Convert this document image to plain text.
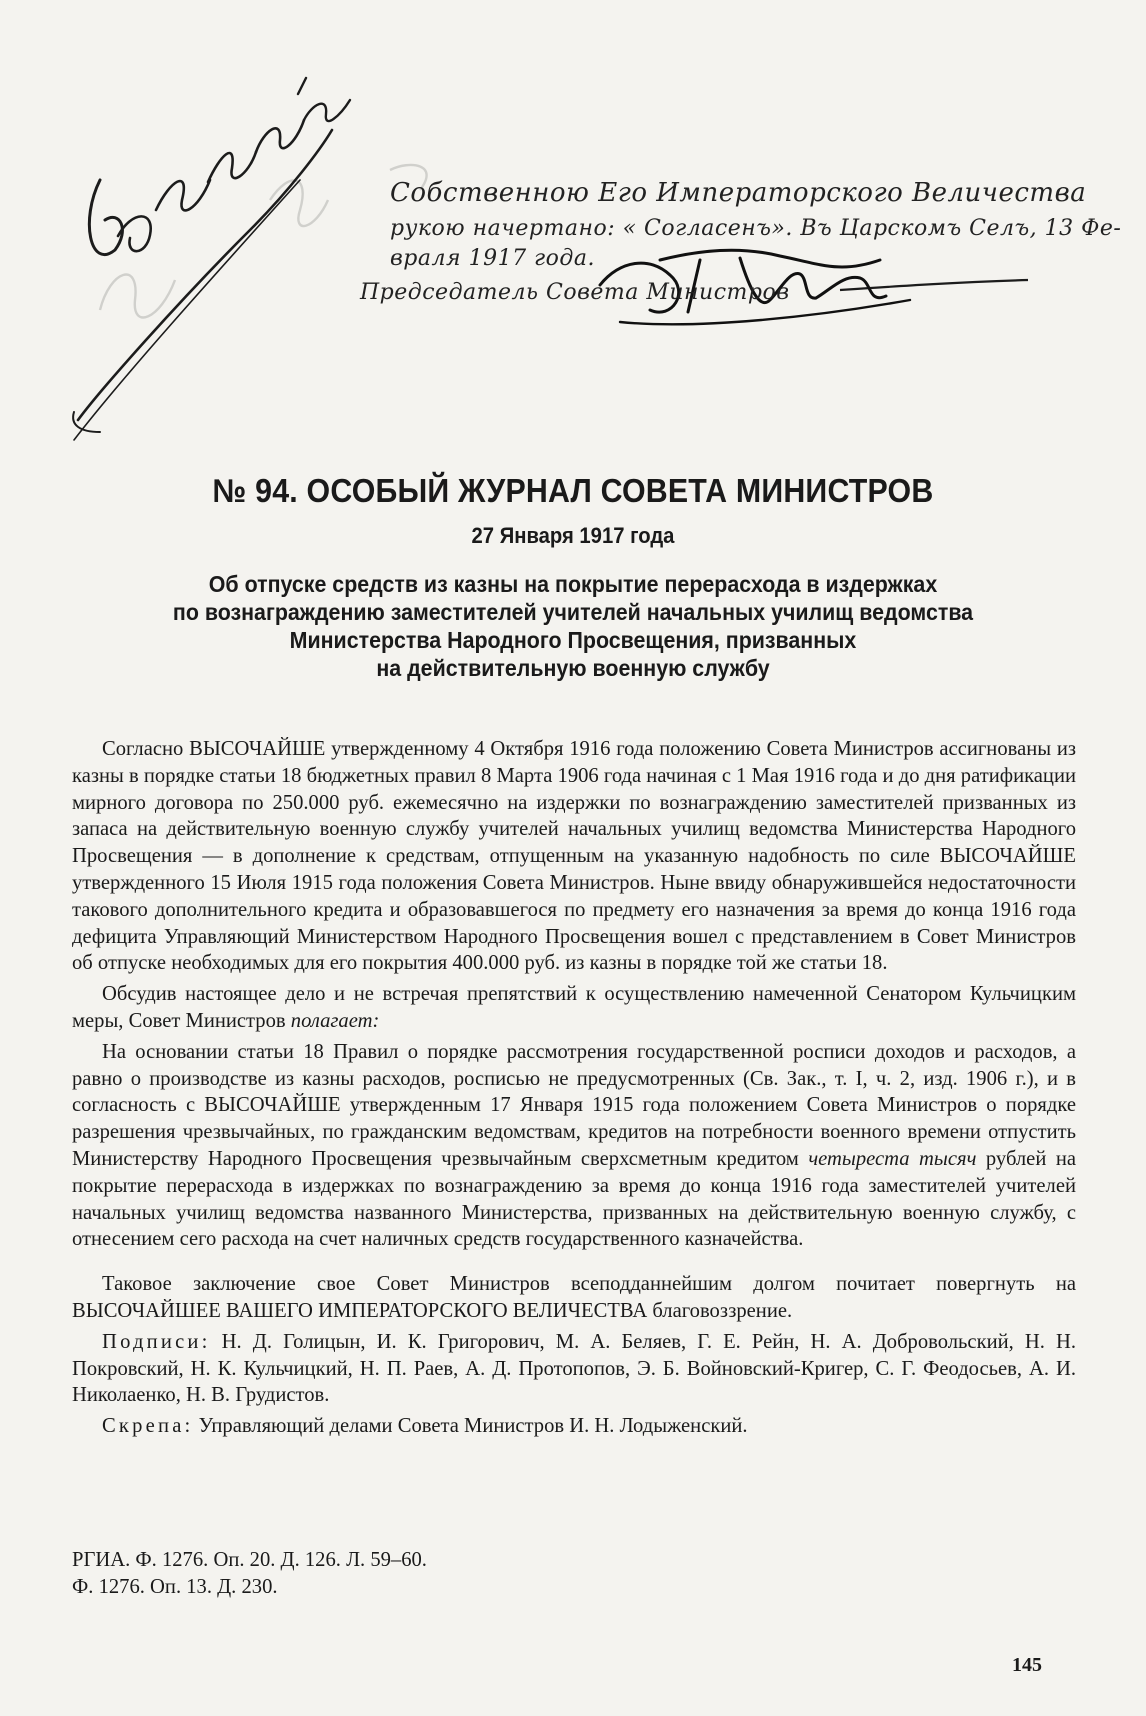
Собственною Его Императорского Величества
рукою начертано: « Согласенъ». Въ Царскомъ Селъ, 13 Фе-
враля 1917 года.
Председатель Совета Министров
№ 94. ОСОБЫЙ ЖУРНАЛ СОВЕТА МИНИСТРОВ
27 Января 1917 года
Об отпуске средств из казны на покрытие перерасхода в издержках
по вознаграждению заместителей учителей начальных училищ ведомства
Министерства Народного Просвещения, призванных
на действительную военную службу

Согласно ВЫСОЧАЙШЕ утвержденному 4 Октября 1916 года положению Совета Министров ассигнованы из казны в порядке статьи 18 бюджетных правил 8 Марта 1906 года начиная с 1 Мая 1916 года и до дня ратификации мирного договора по 250.000 руб. ежемесячно на издержки по вознаграждению заместителей призванных из запаса на действительную военную службу учителей начальных училищ ведомства Министерства Народного Просвещения — в дополнение к средствам, отпущенным на указанную надобность по силе ВЫСОЧАЙШЕ утвержденного 15 Июля 1915 года положения Совета Министров. Ныне ввиду обнаружившейся недостаточности такового дополнительного кредита и образовавшегося по предмету его назначения за время до конца 1916 года дефицита Управляющий Министерством Народного Просвещения вошел с представлением в Совет Министров об отпуске необходимых для его покрытия 400.000 руб. из казны в порядке той же статьи 18.

Обсудив настоящее дело и не встречая препятствий к осуществлению намеченной Сенатором Кульчицким меры, Совет Министров полагает:

На основании статьи 18 Правил о порядке рассмотрения государственной росписи доходов и расходов, а равно о производстве из казны расходов, росписью не предусмотренных (Св. Зак., т. I, ч. 2, изд. 1906 г.), и в согласность с ВЫСОЧАЙШЕ утвержденным 17 Января 1915 года положением Совета Министров о порядке разрешения чрезвычайных, по гражданским ведомствам, кредитов на потребности военного времени отпустить Министерству Народного Просвещения чрезвычайным сверхсметным кредитом четыреста тысяч рублей на покрытие перерасхода в издержках по вознаграждению за время до конца 1916 года заместителей учителей начальных училищ ведомства названного Министерства, призванных на действительную военную службу, с отнесением сего расхода на счет наличных средств государственного казначейства.

Таковое заключение свое Совет Министров всеподданнейшим долгом почитает повергнуть на ВЫСОЧАЙШЕЕ ВАШЕГО ИМПЕРАТОРСКОГО ВЕЛИЧЕСТВА благовоззрение.

Подписи: Н. Д. Голицын, И. К. Григорович, М. А. Беляев, Г. Е. Рейн, Н. А. Добровольский, Н. Н. Покровский, Н. К. Кульчицкий, Н. П. Раев, А. Д. Протопопов, Э. Б. Войновский-Кригер, С. Г. Феодосьев, А. И. Николаенко, Н. В. Грудистов.

Скрепа: Управляющий делами Совета Министров И. Н. Лодыженский.

РГИА. Ф. 1276. Оп. 20. Д. 126. Л. 59–60.
Ф. 1276. Оп. 13. Д. 230.
145
